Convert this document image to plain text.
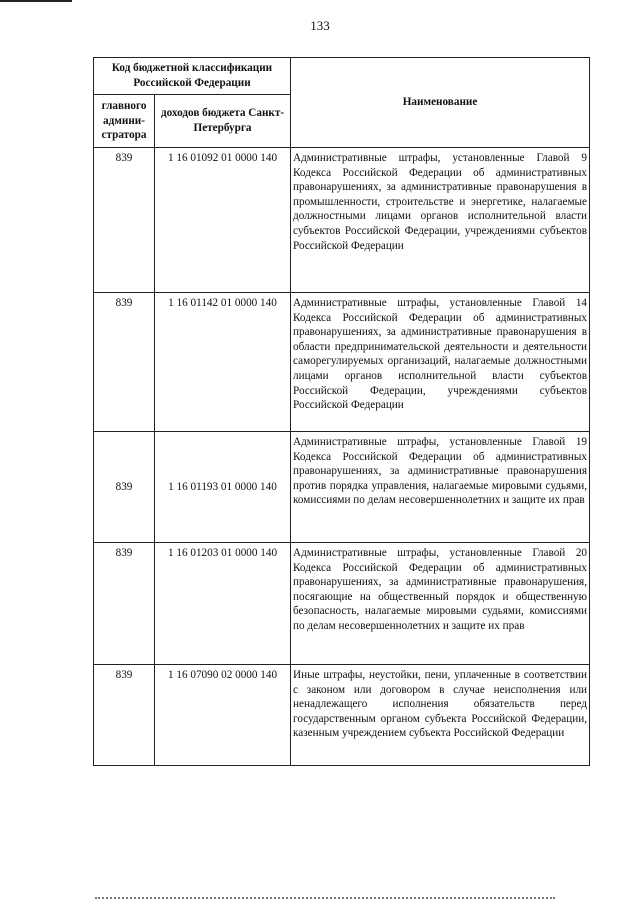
133
Код бюджетной классификации Российской Федерации		Наименование
главного админи-стратора	доходов бюджета Санкт-Петербурга	
839	1 16 01092 01 0000 140	Административные штрафы, установленные Главой 9 Кодекса Российской Федерации об административных правонарушениях, за административные правонарушения в промышленности, строительстве и энергетике, налагаемые должностными лицами органов исполнительной власти субъектов Российской Федерации, учреждениями субъектов Российской Федерации

839	1 16 01142 01 0000 140	Административные штрафы, установленные Главой 14 Кодекса Российской Федерации об административных правонарушениях, за административные правонарушения в области предпринимательской деятельности и деятельности саморегулируемых организаций, налагаемые должностными лицами органов исполнительной власти субъектов Российской Федерации, учреждениями субъектов Российской Федерации

839	1 16 01193 01 0000 140	Административные штрафы, установленные Главой 19 Кодекса Российской Федерации об административных правонарушениях, за административные правонарушения против порядка управления, налагаемые мировыми судьями, комиссиями по делам несовершеннолетних и защите их прав

839	1 16 01203 01 0000 140	Административные штрафы, установленные Главой 20 Кодекса Российской Федерации об административных правонарушениях, за административные правонарушения, посягающие на общественный порядок и общественную безопасность, налагаемые мировыми судьями, комиссиями по делам несовершеннолетних и защите их прав

839	1 16 07090 02 0000 140	Иные штрафы, неустойки, пени, уплаченные в соответствии с законом или договором в случае неисполнения или ненадлежащего исполнения обязательств перед государственным органом субъекта Российской Федерации, казенным учреждением субъекта Российской Федерации
